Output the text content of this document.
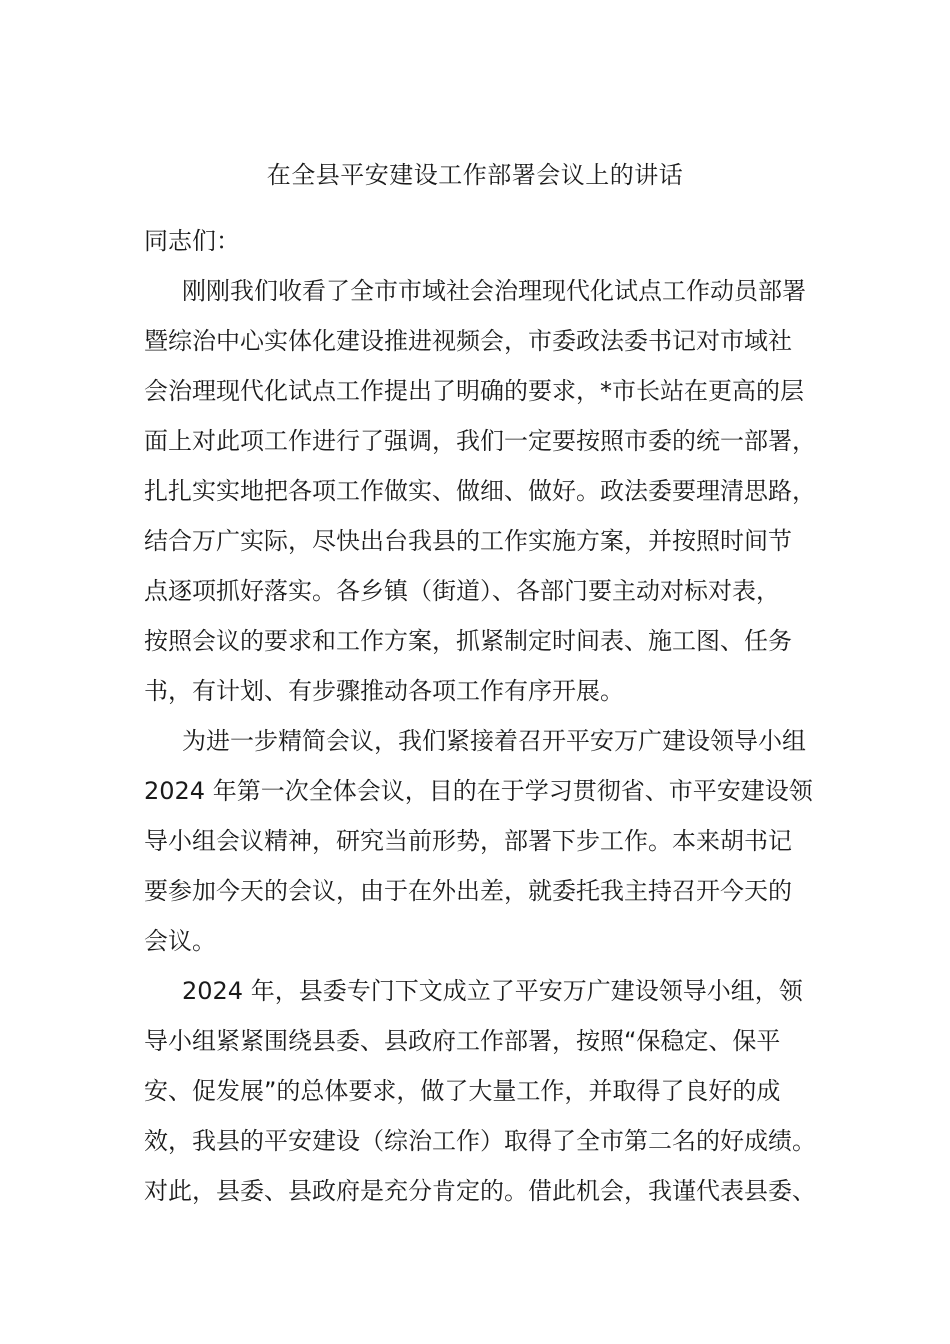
在全县平安建设工作部署会议上的讲话
同志们：
刚刚我们收看了全市市域社会治理现代化试点工作动员部署
暨综治中心实体化建设推进视频会，市委政法委书记对市域社
会治理现代化试点工作提出了明确的要求，*市长站在更高的层
面上对此项工作进行了强调，我们一定要按照市委的统一部署，
扎扎实实地把各项工作做实、做细、做好。政法委要理清思路，
结合万广实际，尽快出台我县的工作实施方案，并按照时间节
点逐项抓好落实。各乡镇（街道）、各部门要主动对标对表，
按照会议的要求和工作方案，抓紧制定时间表、施工图、任务
书，有计划、有步骤推动各项工作有序开展。
为进一步精简会议，我们紧接着召开平安万广建设领导小组
2024 年第一次全体会议，目的在于学习贯彻省、市平安建设领
导小组会议精神，研究当前形势，部署下步工作。本来胡书记
要参加今天的会议，由于在外出差，就委托我主持召开今天的
会议。
2024 年，县委专门下文成立了平安万广建设领导小组，领
导小组紧紧围绕县委、县政府工作部署，按照“保稳定、保平
安、促发展”的总体要求，做了大量工作，并取得了良好的成
效，我县的平安建设（综治工作）取得了全市第二名的好成绩。
对此，县委、县政府是充分肯定的。借此机会，我谨代表县委、
